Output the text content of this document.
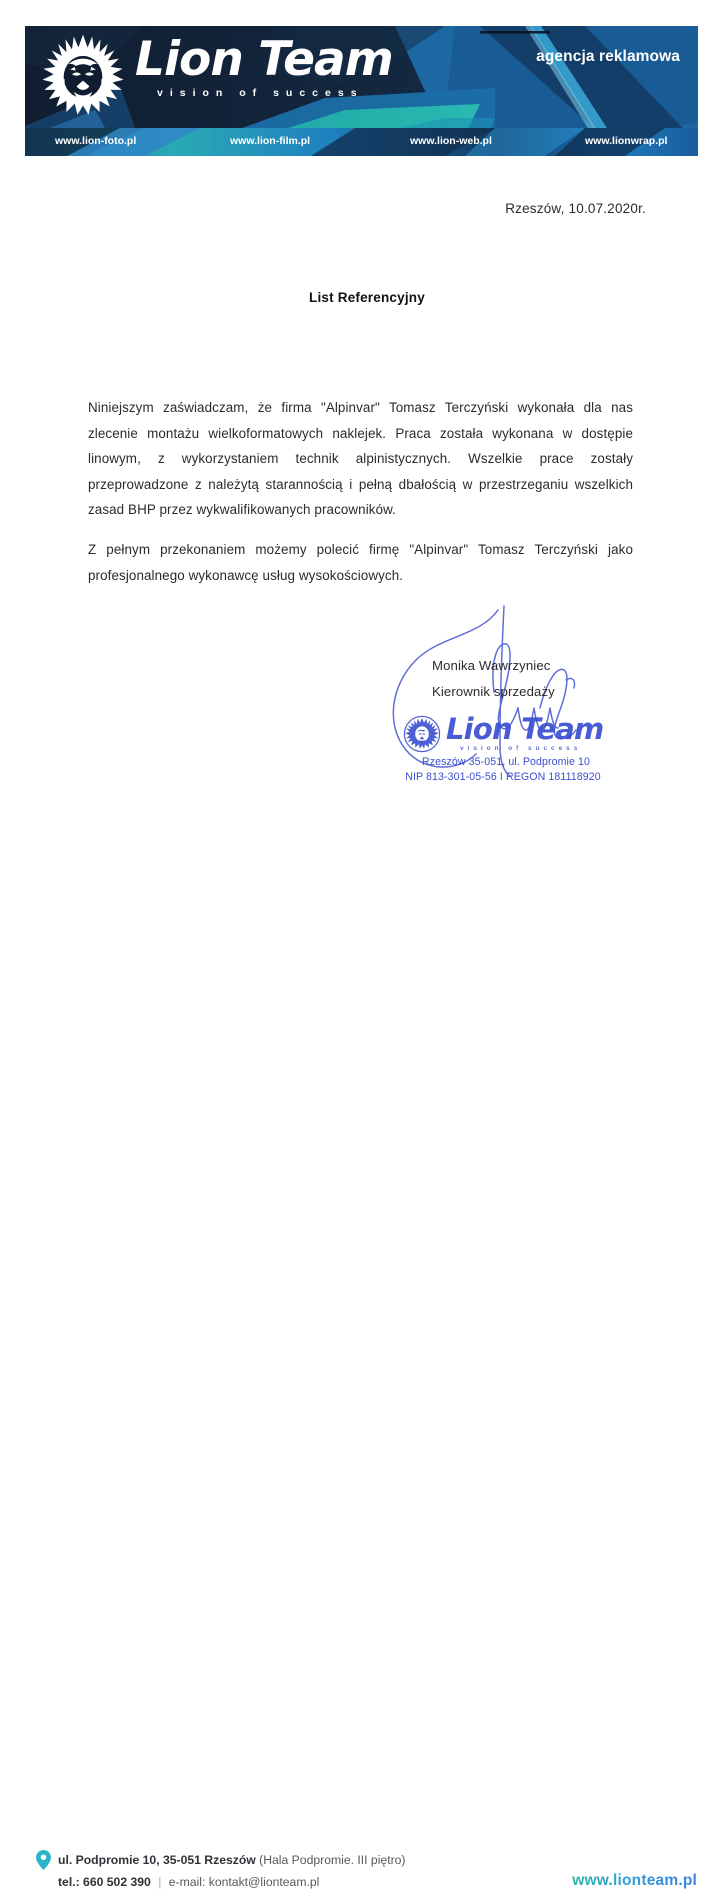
Lion Team
vision of success
agencja reklamowa
www.lion-foto.pl	www.lion-film.pl	www.lion-web.pl	www.lionwrap.pl
Rzeszów, 10.07.2020r.
List Referencyjny

Niniejszym zaświadczam, że firma "Alpinvar" Tomasz Terczyński wykonała dla nas zlecenie montażu wielkoformatowych naklejek. Praca została wykonana w dostępie linowym, z wykorzystaniem technik alpinistycznych. Wszelkie prace zostały przeprowadzone z należytą starannością i pełną dbałością w przestrzeganiu wszelkich zasad BHP przez wykwalifikowanych pracowników.

Z pełnym przekonaniem możemy polecić firmę "Alpinvar" Tomasz Terczyński jako profesjonalnego wykonawcę usług wysokościowych.

Monika Wawrzyniec
Kierownik sprzedaży
Lion Team
vision of success
Rzeszów 35-051, ul. Podpromie 10
NIP 813-301-05-56 I REGON 181118920
ul. Podpromie 10, 35-051 Rzeszów (Hala Podpromie. III piętro)
tel.: 660 502 390 | e-mail: kontakt@lionteam.pl	www.lionteam.pl
